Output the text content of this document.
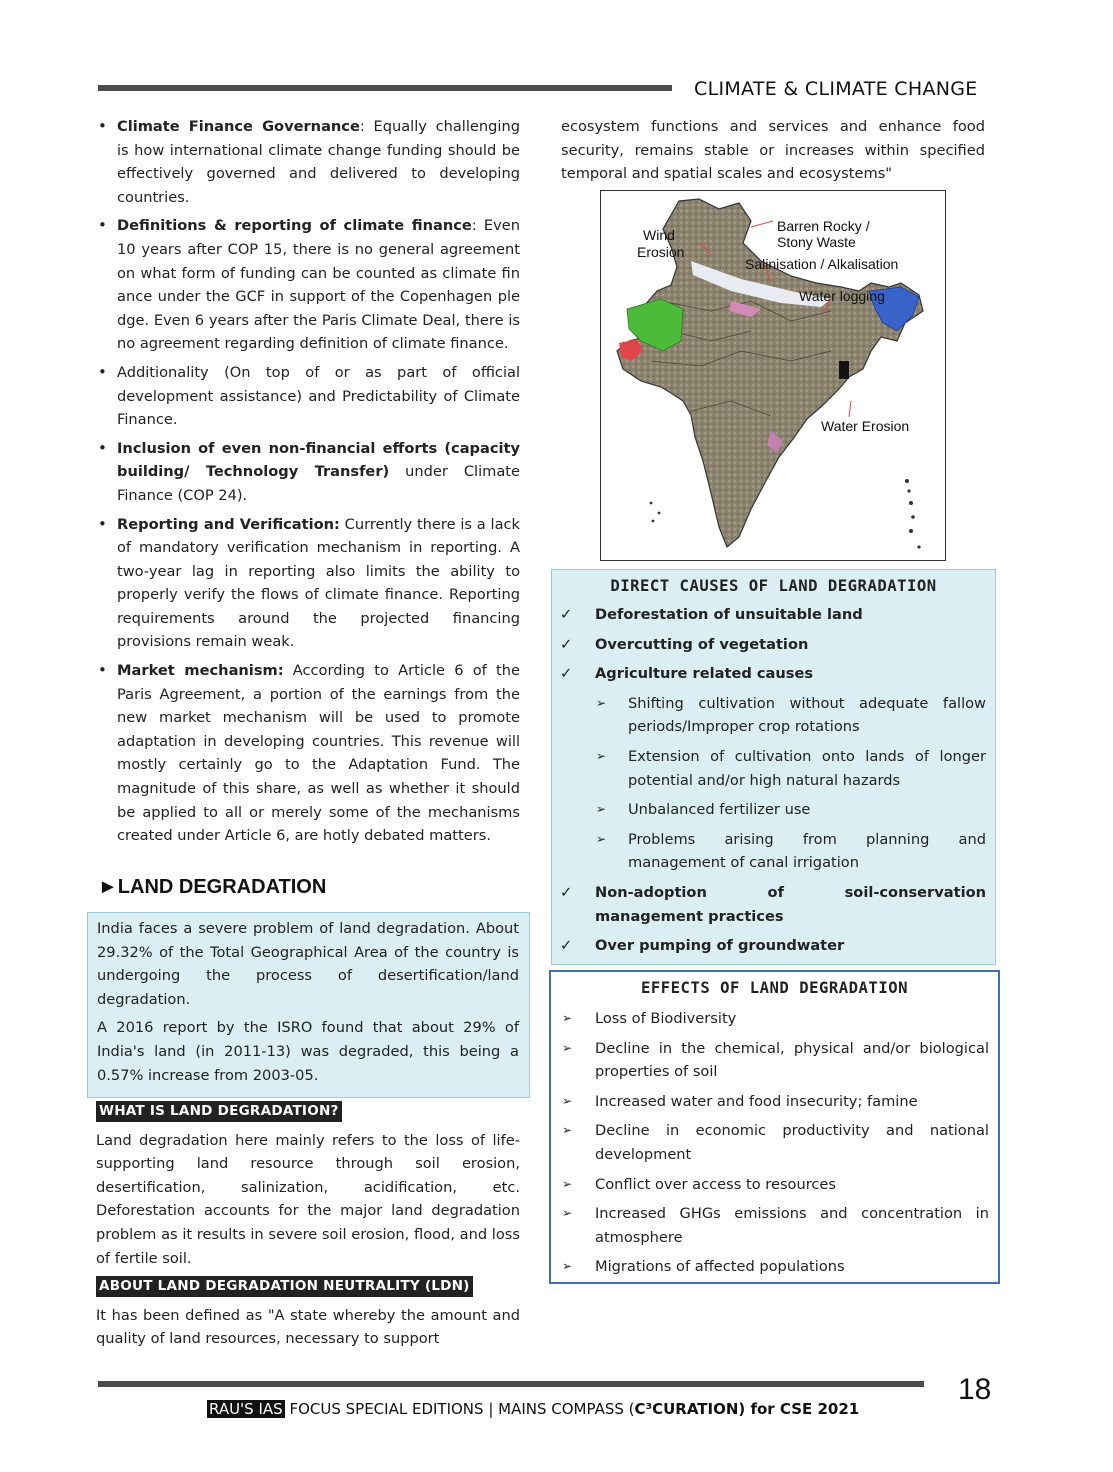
CLIMATE & CLIMATE CHANGE
• Climate Finance Governance: Equally challenging is how international climate change funding should be effectively governed and delivered to developing countries.
• Definitions & reporting of climate finance: Even 10 years after COP 15, there is no general agreement on what form of funding can be counted as climate fin ance under the GCF in support of the Copenhagen ple dge. Even 6 years after the Paris Climate Deal, there is no agreement regarding definition of climate finance.
• Additionality (On top of or as part of official development assistance) and Predictability of Climate Finance.
• Inclusion of even non-financial efforts (capacity building/ Technology Transfer) under Climate Finance (COP 24).
• Reporting and Verification: Currently there is a lack of mandatory verification mechanism in reporting. A two-year lag in reporting also limits the ability to properly verify the flows of climate finance. Reporting requirements around the projected financing provisions remain weak.
• Market mechanism: According to Article 6 of the Paris Agreement, a portion of the earnings from the new market mechanism will be used to promote adaptation in developing countries. This revenue will mostly certainly go to the Adaptation Fund. The magnitude of this share, as well as whether it should be applied to all or merely some of the mechanisms created under Article 6, are hotly debated matters.
►LAND DEGRADATION

India faces a severe problem of land degradation. About 29.32% of the Total Geographical Area of the country is undergoing the process of desertification/land degradation.

A 2016 report by the ISRO found that about 29% of India's land (in 2011-13) was degraded, this being a 0.57% increase from 2003-05.

WHAT IS LAND DEGRADATION?

Land degradation here mainly refers to the loss of life-supporting land resource through soil erosion, desertification, salinization, acidification, etc. Deforestation accounts for the major land degradation problem as it results in severe soil erosion, flood, and loss of fertile soil.

ABOUT LAND DEGRADATION NEUTRALITY (LDN)

It has been defined as "A state whereby the amount and quality of land resources, necessary to support

ecosystem functions and services and enhance food security, remains stable or increases within specified temporal and spatial scales and ecosystems"

Wind
Erosion
Barren Rocky /
Stony Waste
Salinisation / Alkalisation
Water logging
Water Erosion
DIRECT CAUSES OF LAND DEGRADATION
✓ Deforestation of unsuitable land
✓ Overcutting of vegetation
✓ Agriculture related causes
➢ Shifting cultivation without adequate fallow periods/Improper crop rotations
➢ Extension of cultivation onto lands of longer potential and/or high natural hazards
➢ Unbalanced fertilizer use
➢ Problems arising from planning and management of canal irrigation
✓ Non-adoption of soil-conservation management practices
✓ Over pumping of groundwater
EFFECTS OF LAND DEGRADATION
➢ Loss of Biodiversity
➢ Decline in the chemical, physical and/or biological properties of soil
➢ Increased water and food insecurity; famine
➢ Decline in economic productivity and national development
➢ Conflict over access to resources
➢ Increased GHGs emissions and concentration in atmosphere
➢ Migrations of affected populations
18
RAU'S IAS FOCUS SPECIAL EDITIONS | MAINS COMPASS (C³CURATION) for CSE 2021
